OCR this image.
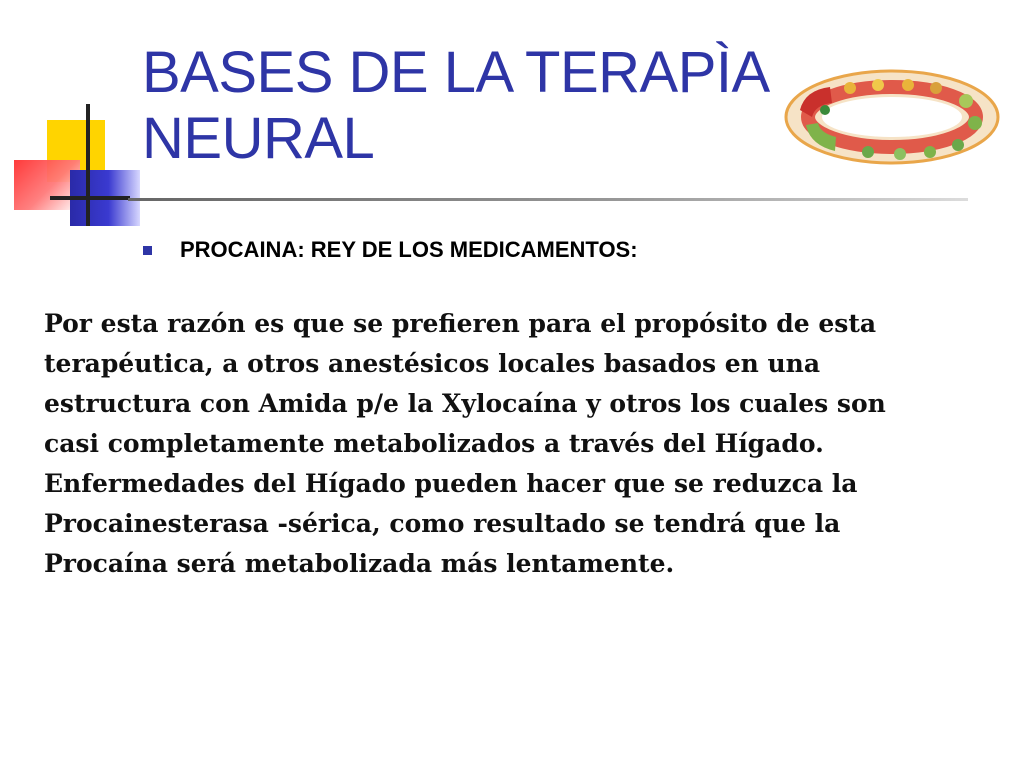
BASES DE LA TERAPÌA
NEURAL
PROCAINA: REY DE LOS MEDICAMENTOS:
Por esta razón es que se prefieren para el propósito de esta
terapéutica, a otros anestésicos locales basados en una
estructura con Amida p/e la Xylocaína y otros los cuales son
casi completamente metabolizados a través del Hígado.
Enfermedades del Hígado pueden hacer que se reduzca la
Procainesterasa -sérica, como resultado se tendrá que la
Procaína será metabolizada más lentamente.
